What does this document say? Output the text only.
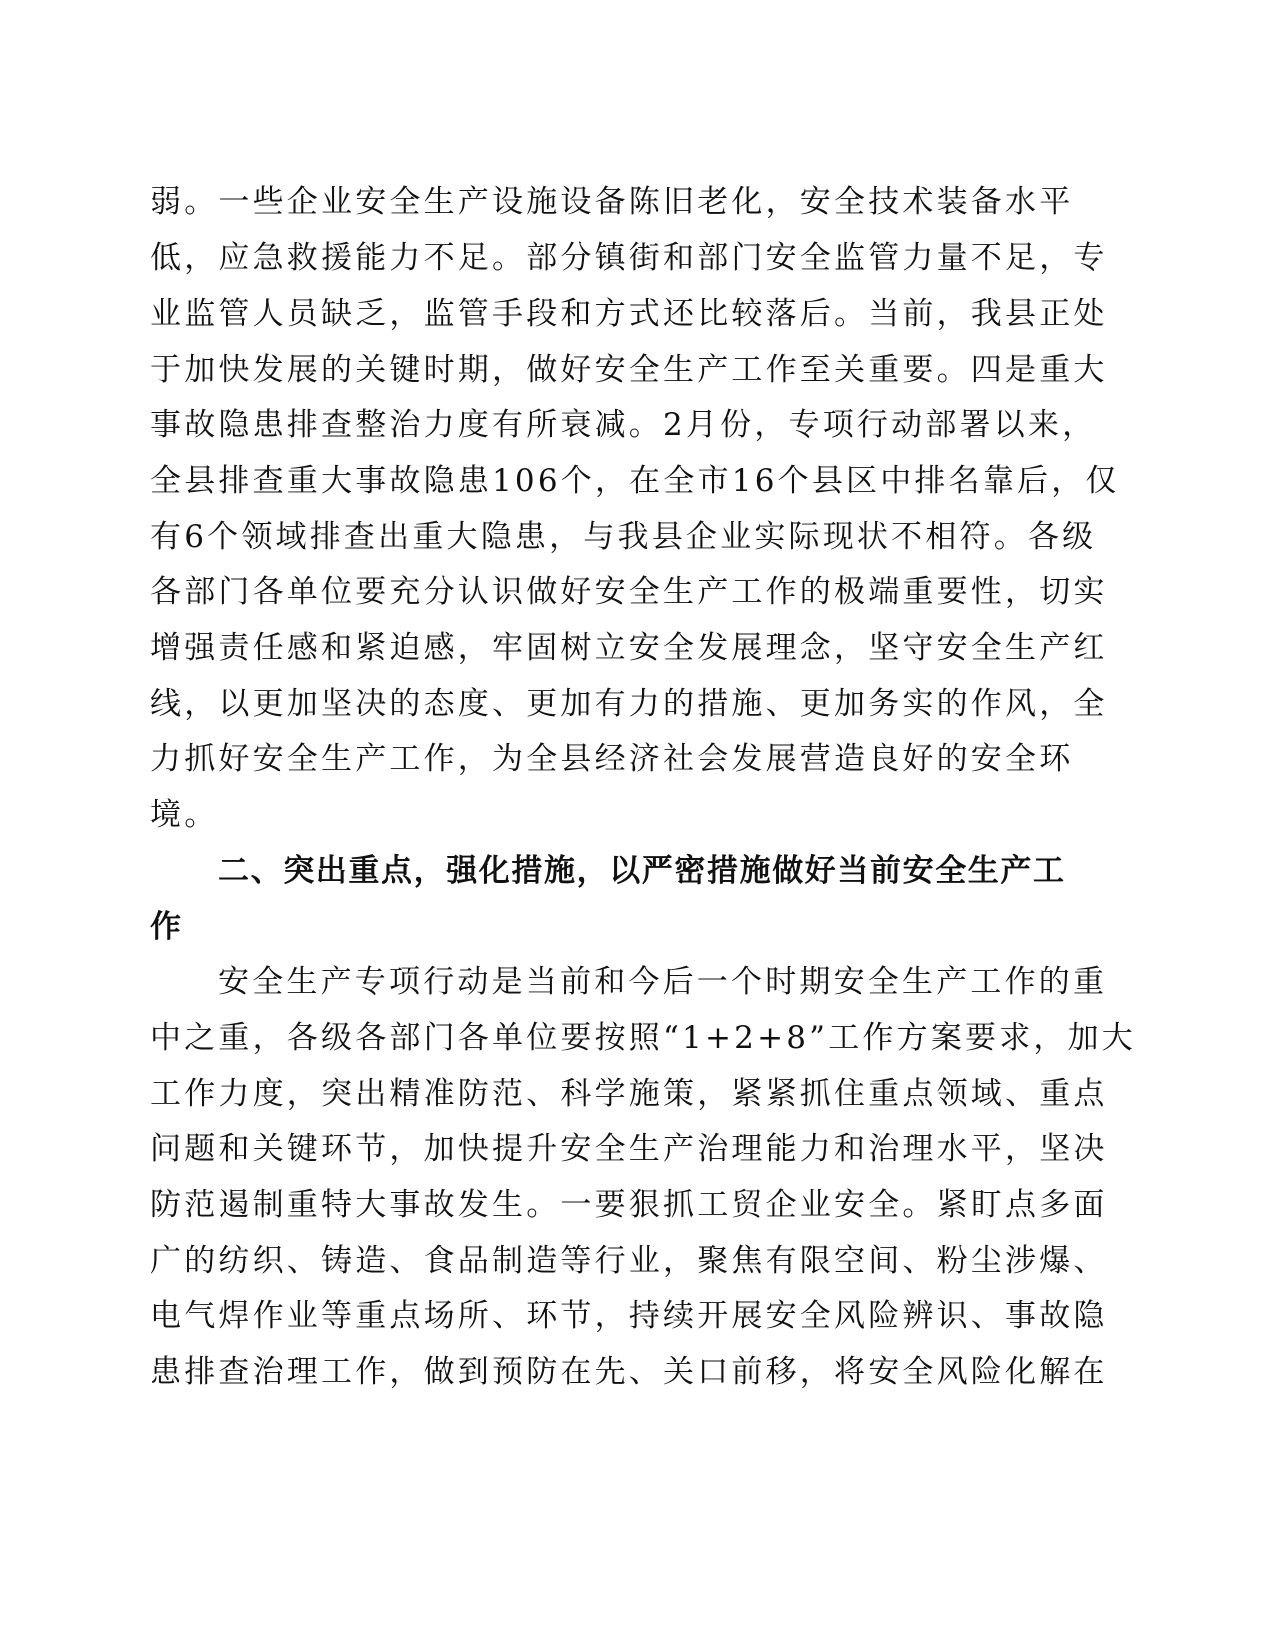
弱。一些企业安全生产设施设备陈旧老化，安全技术装备水平
低，应急救援能力不足。部分镇街和部门安全监管力量不足，专
业监管人员缺乏，监管手段和方式还比较落后。当前，我县正处
于加快发展的关键时期，做好安全生产工作至关重要。四是重大
事故隐患排查整治力度有所衰减。2月份，专项行动部署以来，
全县排查重大事故隐患106个，在全市16个县区中排名靠后，仅
有6个领域排查出重大隐患，与我县企业实际现状不相符。各级
各部门各单位要充分认识做好安全生产工作的极端重要性，切实
增强责任感和紧迫感，牢固树立安全发展理念，坚守安全生产红
线，以更加坚决的态度、更加有力的措施、更加务实的作风，全
力抓好安全生产工作，为全县经济社会发展营造良好的安全环
境。
二、突出重点，强化措施，以严密措施做好当前安全生产工
作
安全生产专项行动是当前和今后一个时期安全生产工作的重
中之重，各级各部门各单位要按照“1+2+8”工作方案要求，加大
工作力度，突出精准防范、科学施策，紧紧抓住重点领域、重点
问题和关键环节，加快提升安全生产治理能力和治理水平，坚决
防范遏制重特大事故发生。一要狠抓工贸企业安全。紧盯点多面
广的纺织、铸造、食品制造等行业，聚焦有限空间、粉尘涉爆、
电气焊作业等重点场所、环节，持续开展安全风险辨识、事故隐
患排查治理工作，做到预防在先、关口前移，将安全风险化解在
